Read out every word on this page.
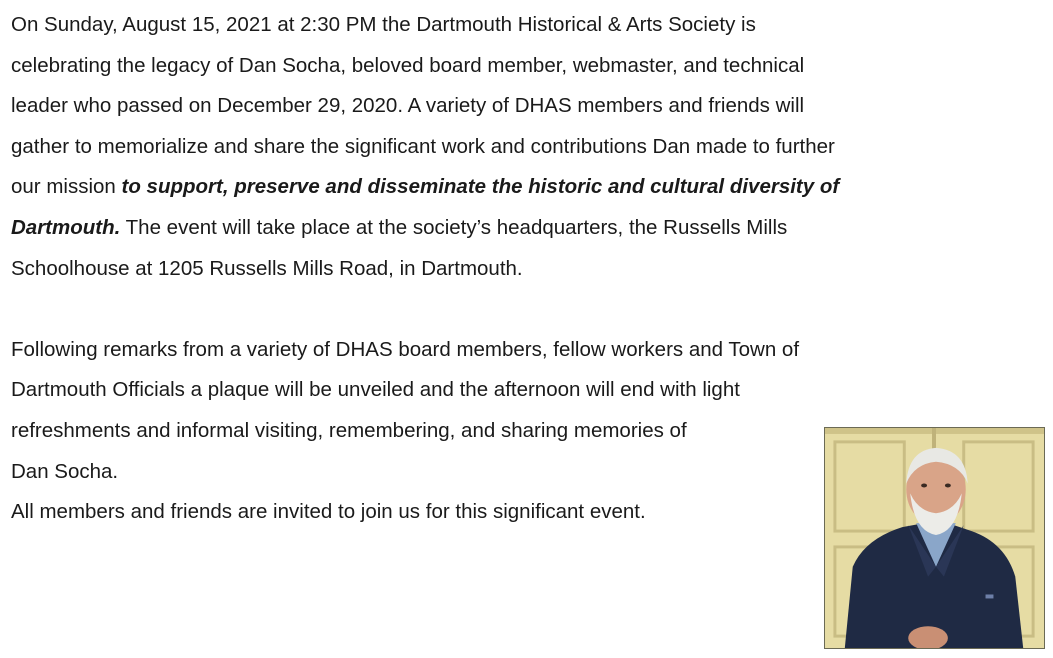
On Sunday, August 15, 2021 at 2:30 PM the Dartmouth Historical & Arts Society is
celebrating the legacy of Dan Socha, beloved board member, webmaster, and technical
leader who passed on December 29, 2020. A variety of DHAS members and friends will
gather to memorialize and share the significant work and contributions Dan made to further
our mission to support, preserve and disseminate the historic and cultural diversity of
Dartmouth. The event will take place at the society’s headquarters, the Russells Mills
Schoolhouse at 1205 Russells Mills Road, in Dartmouth.
Following remarks from a variety of DHAS board members, fellow workers and Town of
Dartmouth Officials a plaque will be unveiled and the afternoon will end with light
refreshments and informal visiting, remembering, and sharing memories of
Dan Socha.
All members and friends are invited to join us for this significant event.
